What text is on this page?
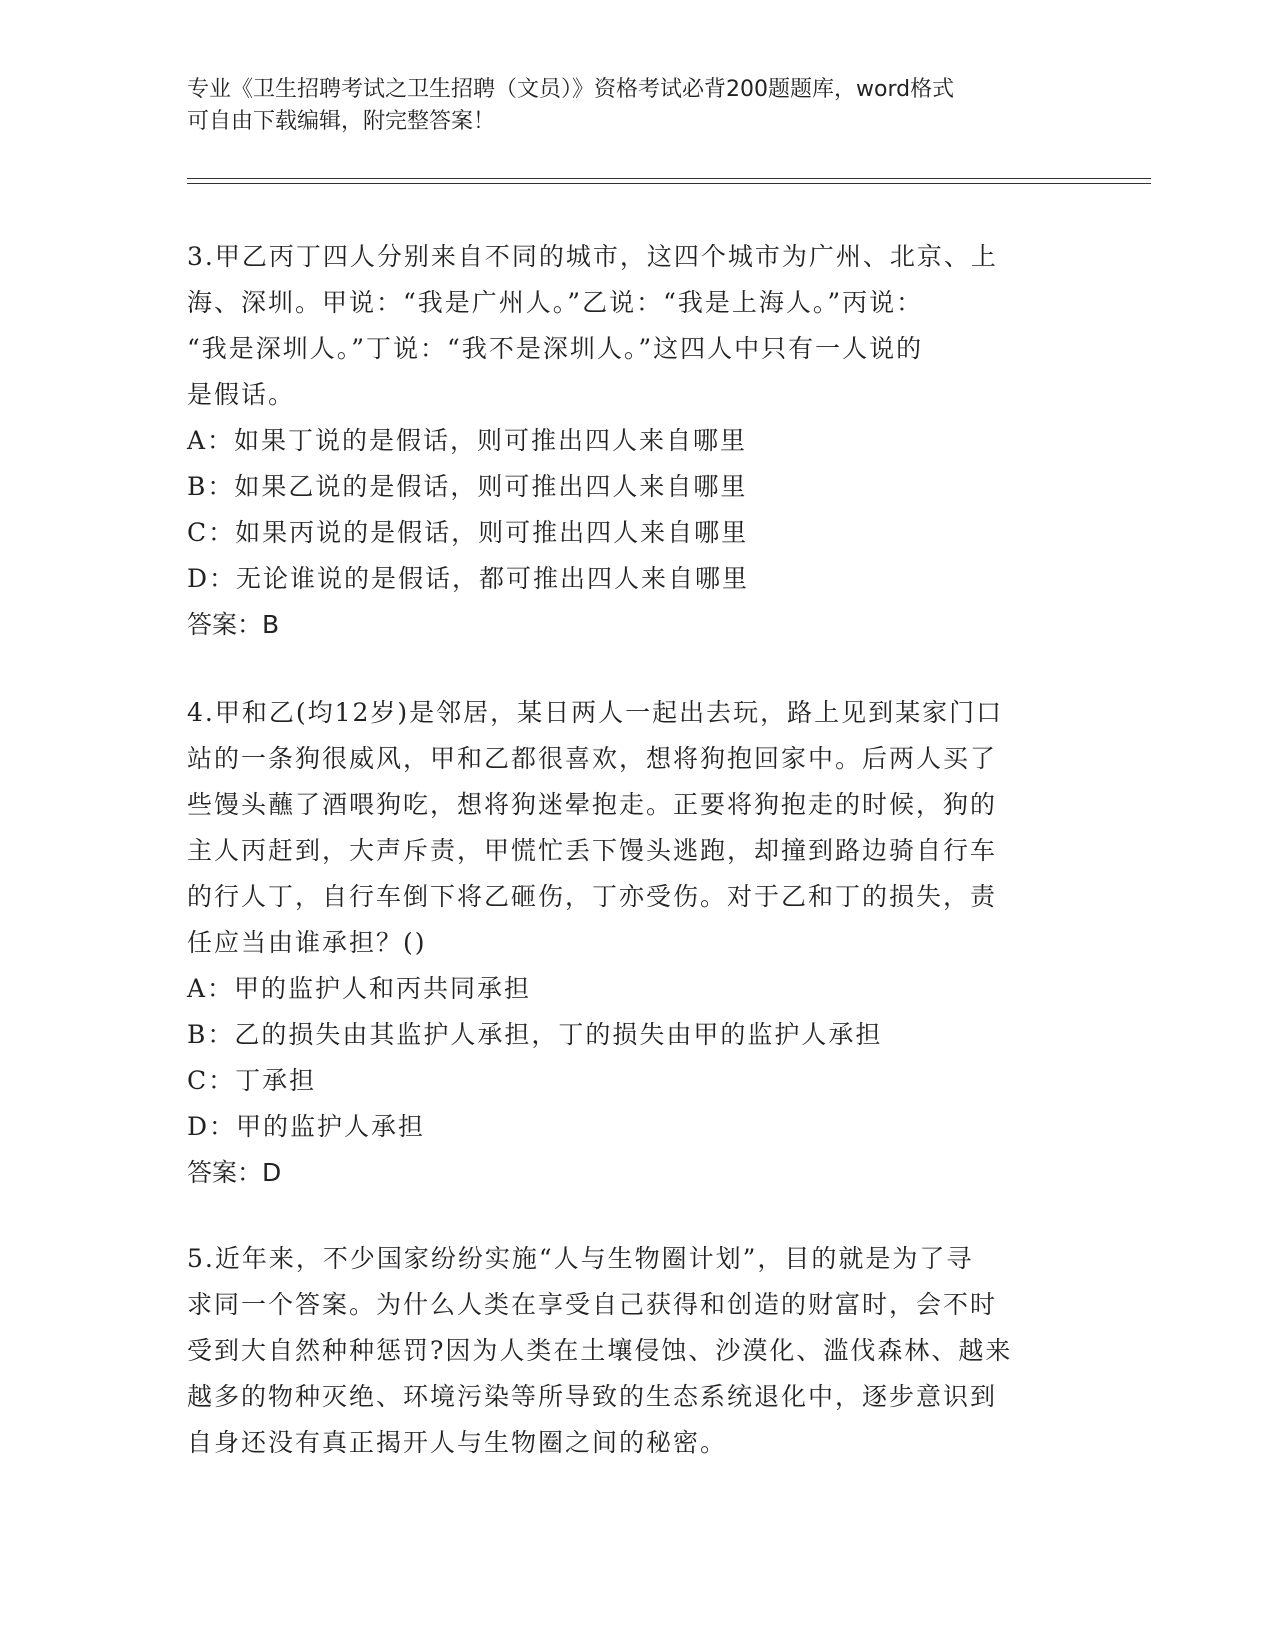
专业《卫生招聘考试之卫生招聘（文员）》资格考试必背200题题库，word格式
可自由下载编辑，附完整答案！

3.甲乙丙丁四人分别来自不同的城市，这四个城市为广州、北京、上

海、深圳。甲说：“我是广州人。”乙说：“我是上海人。”丙说：

“我是深圳人。”丁说：“我不是深圳人。”这四人中只有一人说的

是假话。

A：如果丁说的是假话，则可推出四人来自哪里

B：如果乙说的是假话，则可推出四人来自哪里

C：如果丙说的是假话，则可推出四人来自哪里

D：无论谁说的是假话，都可推出四人来自哪里

答案：B

4.甲和乙(均12岁)是邻居，某日两人一起出去玩，路上见到某家门口

站的一条狗很威风，甲和乙都很喜欢，想将狗抱回家中。后两人买了

些馒头蘸了酒喂狗吃，想将狗迷晕抱走。正要将狗抱走的时候，狗的

主人丙赶到，大声斥责，甲慌忙丢下馒头逃跑，却撞到路边骑自行车

的行人丁，自行车倒下将乙砸伤，丁亦受伤。对于乙和丁的损失，责

任应当由谁承担？()

A：甲的监护人和丙共同承担

B：乙的损失由其监护人承担，丁的损失由甲的监护人承担

C：丁承担

D：甲的监护人承担

答案：D

5.近年来，不少国家纷纷实施“人与生物圈计划”，目的就是为了寻

求同一个答案。为什么人类在享受自己获得和创造的财富时，会不时

受到大自然种种惩罚?因为人类在土壤侵蚀、沙漠化、滥伐森林、越来

越多的物种灭绝、环境污染等所导致的生态系统退化中，逐步意识到

自身还没有真正揭开人与生物圈之间的秘密。
